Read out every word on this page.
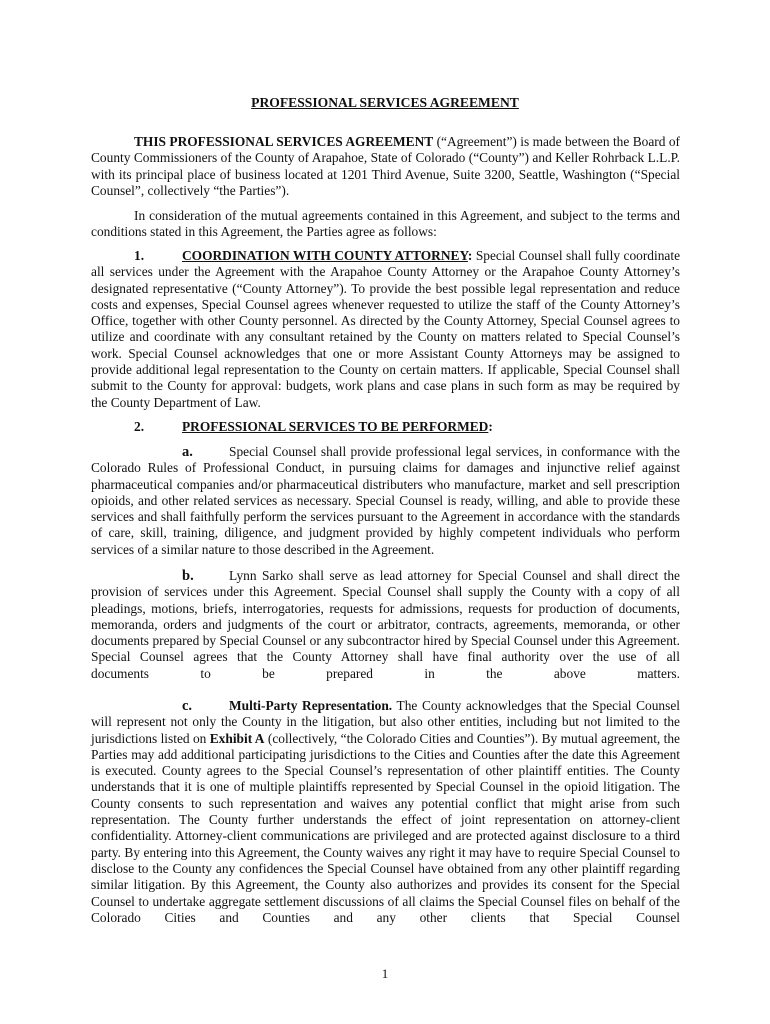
PROFESSIONAL SERVICES AGREEMENT

THIS PROFESSIONAL SERVICES AGREEMENT (“Agreement”) is made between the Board of County Commissioners of the County of Arapahoe, State of Colorado (“County”) and Keller Rohrback L.L.P. with its principal place of business located at 1201 Third Avenue, Suite 3200, Seattle, Washington (“Special Counsel”, collectively “the Parties”).

In consideration of the mutual agreements contained in this Agreement, and subject to the terms and conditions stated in this Agreement, the Parties agree as follows:

1.	COORDINATION WITH COUNTY ATTORNEY: Special Counsel shall fully coordinate all services under the Agreement with the Arapahoe County Attorney or the Arapahoe County Attorney’s designated representative (“County Attorney”). To provide the best possible legal representation and reduce costs and expenses, Special Counsel agrees whenever requested to utilize the staff of the County Attorney’s Office, together with other County personnel. As directed by the County Attorney, Special Counsel agrees to utilize and coordinate with any consultant retained by the County on matters related to Special Counsel’s work. Special Counsel acknowledges that one or more Assistant County Attorneys may be assigned to provide additional legal representation to the County on certain matters. If applicable, Special Counsel shall submit to the County for approval: budgets, work plans and case plans in such form as may be required by the County Department of Law.

2.	PROFESSIONAL SERVICES TO BE PERFORMED:

a.	Special Counsel shall provide professional legal services, in conformance with the Colorado Rules of Professional Conduct, in pursuing claims for damages and injunctive relief against pharmaceutical companies and/or pharmaceutical distributers who manufacture, market and sell prescription opioids, and other related services as necessary. Special Counsel is ready, willing, and able to provide these services and shall faithfully perform the services pursuant to the Agreement in accordance with the standards of care, skill, training, diligence, and judgment provided by highly competent individuals who perform services of a similar nature to those described in the Agreement.

b.	Lynn Sarko shall serve as lead attorney for Special Counsel and shall direct the provision of services under this Agreement. Special Counsel shall supply the County with a copy of all pleadings, motions, briefs, interrogatories, requests for admissions, requests for production of documents, memoranda, orders and judgments of the court or arbitrator, contracts, agreements, memoranda, or other documents prepared by Special Counsel or any subcontractor hired by Special Counsel under this Agreement. Special Counsel agrees that the County Attorney shall have final authority over the use of all

documents	to	be	prepared	in	the	above	matters.

c.	Multi-Party Representation. The County acknowledges that the Special Counsel will represent not only the County in the litigation, but also other entities, including but not limited to the jurisdictions listed on Exhibit A (collectively, “the Colorado Cities and Counties”). By mutual agreement, the Parties may add additional participating jurisdictions to the Cities and Counties after the date this Agreement is executed. County agrees to the Special Counsel’s representation of other plaintiff entities. The County understands that it is one of multiple plaintiffs represented by Special Counsel in the opioid litigation. The County consents to such representation and waives any potential conflict that might arise from such representation. The County further understands the effect of joint representation on attorney-client confidentiality. Attorney-client communications are privileged and are protected against disclosure to a third party. By entering into this Agreement, the County waives any right it may have to require Special Counsel to disclose to the County any confidences the Special Counsel have obtained from any other plaintiff regarding similar litigation. By this Agreement, the County also authorizes and provides its consent for the Special Counsel to undertake aggregate settlement discussions of all claims the Special Counsel files on behalf of the Colorado Cities and Counties and any other clients that Special Counsel

1
